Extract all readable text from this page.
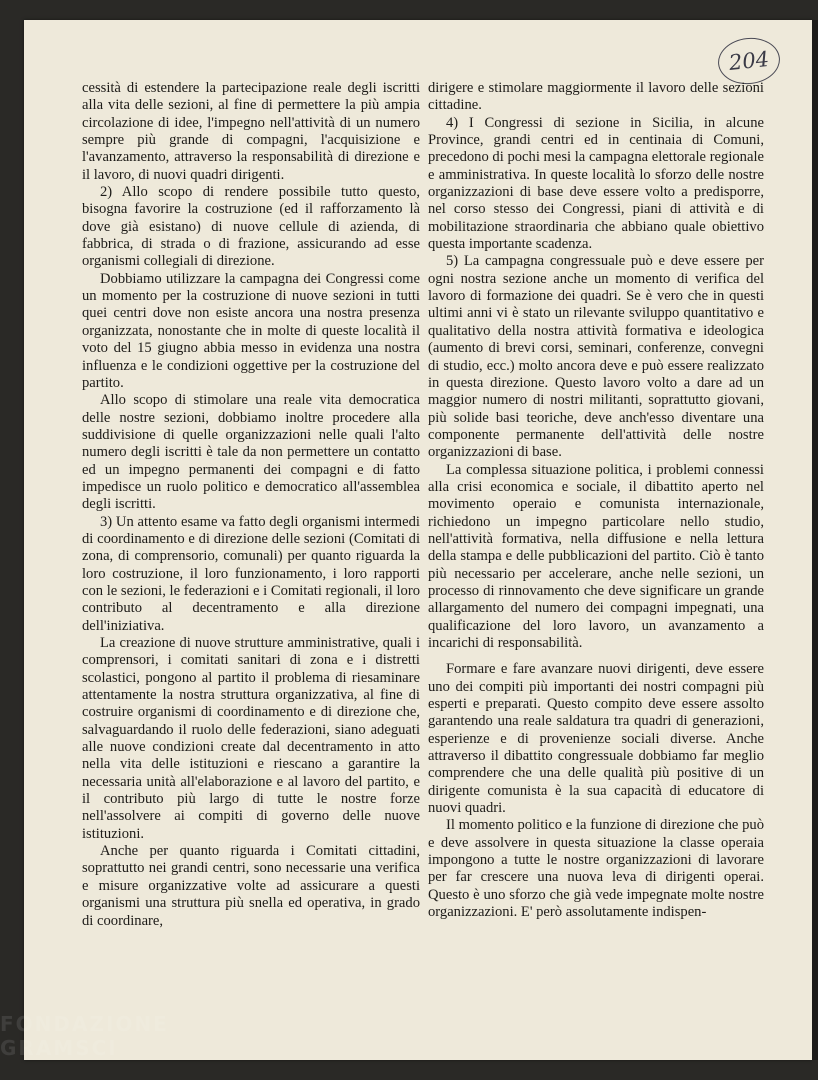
204

cessità di estendere la partecipazione reale degli iscritti alla vita delle sezioni, al fine di permettere la più ampia circolazione di idee, l'impegno nell'attività di un numero sempre più grande di compagni, l'acquisizione e l'avanzamento, attraverso la responsabilità di direzione e il lavoro, di nuovi quadri dirigenti.

2) Allo scopo di rendere possibile tutto questo, bisogna favorire la costruzione (ed il rafforzamento là dove già esistano) di nuove cellule di azienda, di fabbrica, di strada o di frazione, assicurando ad esse organismi collegiali di direzione.

Dobbiamo utilizzare la campagna dei Congressi come un momento per la costruzione di nuove sezioni in tutti quei centri dove non esiste ancora una nostra presenza organizzata, nonostante che in molte di queste località il voto del 15 giugno abbia messo in evidenza una nostra influenza e le condizioni oggettive per la costruzione del partito.

Allo scopo di stimolare una reale vita democratica delle nostre sezioni, dobbiamo inoltre procedere alla suddivisione di quelle organizzazioni nelle quali l'alto numero degli iscritti è tale da non permettere un contatto ed un impegno permanenti dei compagni e di fatto impedisce un ruolo politico e democratico all'assemblea degli iscritti.

3) Un attento esame va fatto degli organismi intermedi di coordinamento e di direzione delle sezioni (Comitati di zona, di comprensorio, comunali) per quanto riguarda la loro costruzione, il loro funzionamento, i loro rapporti con le sezioni, le federazioni e i Comitati regionali, il loro contributo al decentramento e alla direzione dell'iniziativa.

La creazione di nuove strutture amministrative, quali i comprensori, i comitati sanitari di zona e i distretti scolastici, pongono al partito il problema di riesaminare attentamente la nostra struttura organizzativa, al fine di costruire organismi di coordinamento e di direzione che, salvaguardando il ruolo delle federazioni, siano adeguati alle nuove condizioni create dal decentramento in atto nella vita delle istituzioni e riescano a garantire la necessaria unità all'elaborazione e al lavoro del partito, e il contributo più largo di tutte le nostre forze nell'assolvere ai compiti di governo delle nuove istituzioni.

Anche per quanto riguarda i Comitati cittadini, soprattutto nei grandi centri, sono necessarie una verifica e misure organizzative volte ad assicurare a questi organismi una struttura più snella ed operativa, in grado di coordinare,

dirigere e stimolare maggiormente il lavoro delle sezioni cittadine.

4) I Congressi di sezione in Sicilia, in alcune Province, grandi centri ed in centinaia di Comuni, precedono di pochi mesi la campagna elettorale regionale e amministrativa. In queste località lo sforzo delle nostre organizzazioni di base deve essere volto a predisporre, nel corso stesso dei Congressi, piani di attività e di mobilitazione straordinaria che abbiano quale obiettivo questa importante scadenza.

5) La campagna congressuale può e deve essere per ogni nostra sezione anche un momento di verifica del lavoro di formazione dei quadri. Se è vero che in questi ultimi anni vi è stato un rilevante sviluppo quantitativo e qualitativo della nostra attività formativa e ideologica (aumento di brevi corsi, seminari, conferenze, convegni di studio, ecc.) molto ancora deve e può essere realizzato in questa direzione. Questo lavoro volto a dare ad un maggior numero di nostri militanti, soprattutto giovani, più solide basi teoriche, deve anch'esso diventare una componente permanente dell'attività delle nostre organizzazioni di base.

La complessa situazione politica, i problemi connessi alla crisi economica e sociale, il dibattito aperto nel movimento operaio e comunista internazionale, richiedono un impegno particolare nello studio, nell'attività formativa, nella diffusione e nella lettura della stampa e delle pubblicazioni del partito. Ciò è tanto più necessario per accelerare, anche nelle sezioni, un processo di rinnovamento che deve significare un grande allargamento del numero dei compagni impegnati, una qualificazione del loro lavoro, un avanzamento a incarichi di responsabilità.

Formare e fare avanzare nuovi dirigenti, deve essere uno dei compiti più importanti dei nostri compagni più esperti e preparati. Questo compito deve essere assolto garantendo una reale saldatura tra quadri di generazioni, esperienze e di provenienze sociali diverse. Anche attraverso il dibattito congressuale dobbiamo far meglio comprendere che una delle qualità più positive di un dirigente comunista è la sua capacità di educatore di nuovi quadri.

Il momento politico e la funzione di direzione che può e deve assolvere in questa situazione la classe operaia impongono a tutte le nostre organizzazioni di lavorare per far crescere una nuova leva di dirigenti operai. Questo è uno sforzo che già vede impegnate molte nostre organizzazioni. E' però assolutamente indispen-

FONDAZIONE GRAMSCI
